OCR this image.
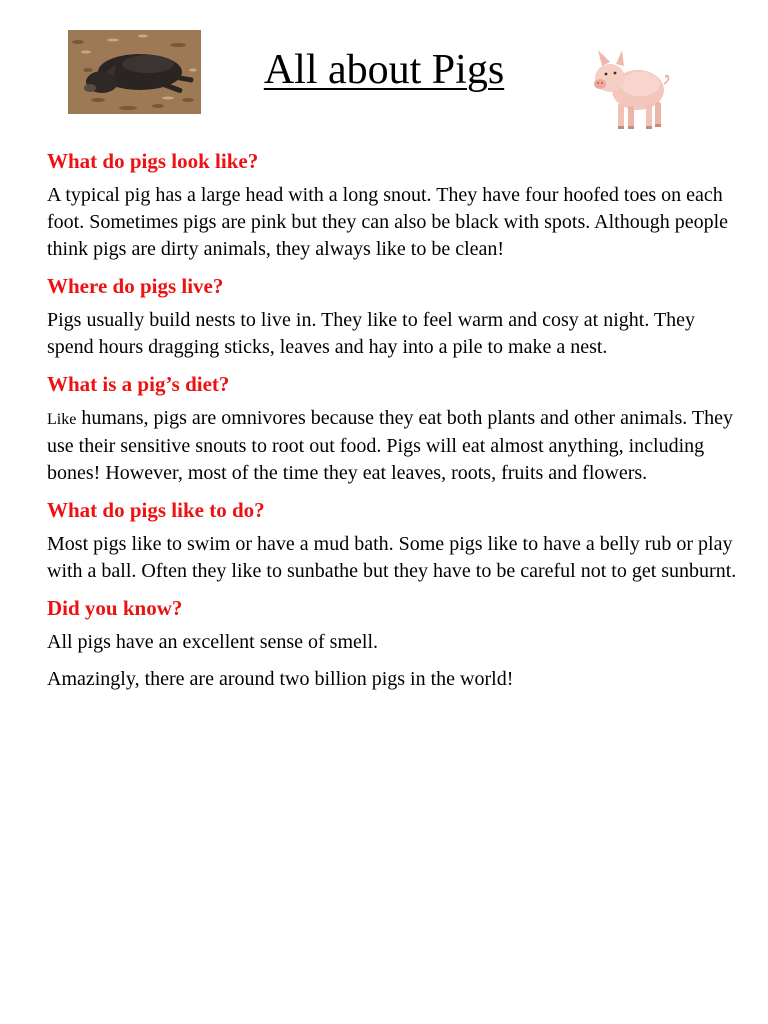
All about Pigs
What do pigs look like?

A typical pig has a large head with a long snout. They have four hoofed toes on each foot. Sometimes pigs are pink but they can also be black with spots. Although people think pigs are dirty animals, they always like to be clean!

Where do pigs live?

Pigs usually build nests to live in. They like to feel warm and cosy at night. They spend hours dragging sticks, leaves and hay into a pile to make a nest.

What is a pig’s diet?

Like humans, pigs are omnivores because they eat both plants and other animals. They use their sensitive snouts to root out food. Pigs will eat almost anything, including bones! However, most of the time they eat leaves, roots, fruits and flowers.

What do pigs like to do?

Most pigs like to swim or have a mud bath. Some pigs like to have a belly rub or play with a ball. Often they like to sunbathe but they have to be careful not to get sunburnt.

Did you know?

All pigs have an excellent sense of smell.

Amazingly, there are around two billion pigs in the world!
